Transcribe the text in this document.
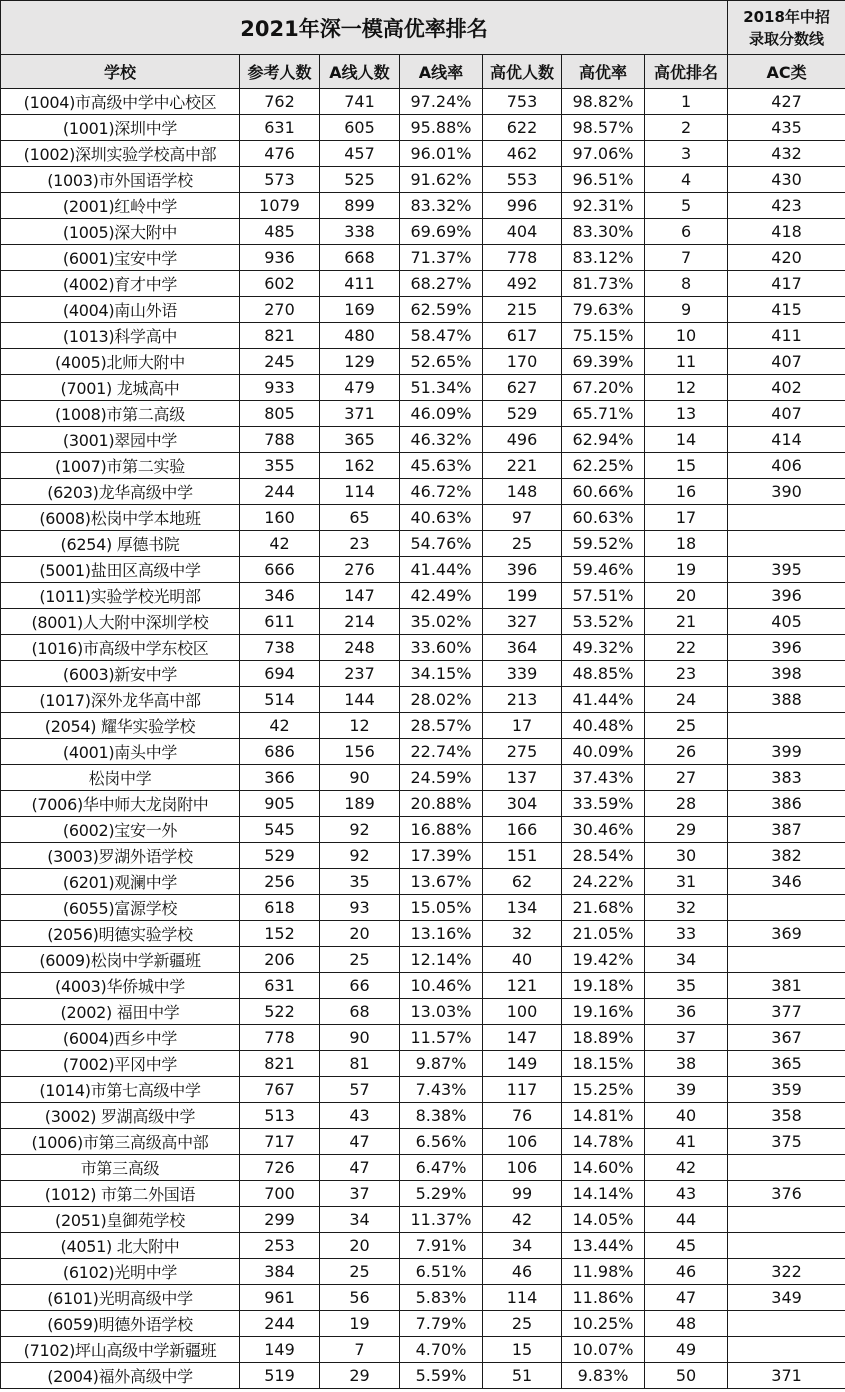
2021年深一模高优率排名							2018年中招
录取分数线

学校	参考人数	A线人数	A线率	高优人数	高优率	高优排名	AC类
(1004)市高级中学中心校区	762	741	97.24%	753	98.82%	1	427
(1001)深圳中学	631	605	95.88%	622	98.57%	2	435
(1002)深圳实验学校高中部	476	457	96.01%	462	97.06%	3	432
(1003)市外国语学校	573	525	91.62%	553	96.51%	4	430
(2001)红岭中学	1079	899	83.32%	996	92.31%	5	423
(1005)深大附中	485	338	69.69%	404	83.30%	6	418
(6001)宝安中学	936	668	71.37%	778	83.12%	7	420
(4002)育才中学	602	411	68.27%	492	81.73%	8	417
(4004)南山外语	270	169	62.59%	215	79.63%	9	415
(1013)科学高中	821	480	58.47%	617	75.15%	10	411
(4005)北师大附中	245	129	52.65%	170	69.39%	11	407
(7001) 龙城高中	933	479	51.34%	627	67.20%	12	402
(1008)市第二高级	805	371	46.09%	529	65.71%	13	407
(3001)翠园中学	788	365	46.32%	496	62.94%	14	414
(1007)市第二实验	355	162	45.63%	221	62.25%	15	406
(6203)龙华高级中学	244	114	46.72%	148	60.66%	16	390
(6008)松岗中学本地班	160	65	40.63%	97	60.63%	17	
(6254) 厚德书院	42	23	54.76%	25	59.52%	18	
(5001)盐田区高级中学	666	276	41.44%	396	59.46%	19	395
(1011)实验学校光明部	346	147	42.49%	199	57.51%	20	396
(8001)人大附中深圳学校	611	214	35.02%	327	53.52%	21	405
(1016)市高级中学东校区	738	248	33.60%	364	49.32%	22	396
(6003)新安中学	694	237	34.15%	339	48.85%	23	398
(1017)深外龙华高中部	514	144	28.02%	213	41.44%	24	388
(2054) 耀华实验学校	42	12	28.57%	17	40.48%	25	
(4001)南头中学	686	156	22.74%	275	40.09%	26	399
松岗中学	366	90	24.59%	137	37.43%	27	383
(7006)华中师大龙岗附中	905	189	20.88%	304	33.59%	28	386
(6002)宝安一外	545	92	16.88%	166	30.46%	29	387
(3003)罗湖外语学校	529	92	17.39%	151	28.54%	30	382
(6201)观澜中学	256	35	13.67%	62	24.22%	31	346
(6055)富源学校	618	93	15.05%	134	21.68%	32	
(2056)明德实验学校	152	20	13.16%	32	21.05%	33	369
(6009)松岗中学新疆班	206	25	12.14%	40	19.42%	34	
(4003)华侨城中学	631	66	10.46%	121	19.18%	35	381
(2002) 福田中学	522	68	13.03%	100	19.16%	36	377
(6004)西乡中学	778	90	11.57%	147	18.89%	37	367
(7002)平冈中学	821	81	9.87%	149	18.15%	38	365
(1014)市第七高级中学	767	57	7.43%	117	15.25%	39	359
(3002) 罗湖高级中学	513	43	8.38%	76	14.81%	40	358
(1006)市第三高级高中部	717	47	6.56%	106	14.78%	41	375
市第三高级	726	47	6.47%	106	14.60%	42	
(1012) 市第二外国语	700	37	5.29%	99	14.14%	43	376
(2051)皇御苑学校	299	34	11.37%	42	14.05%	44	
(4051) 北大附中	253	20	7.91%	34	13.44%	45	
(6102)光明中学	384	25	6.51%	46	11.98%	46	322
(6101)光明高级中学	961	56	5.83%	114	11.86%	47	349
(6059)明德外语学校	244	19	7.79%	25	10.25%	48	
(7102)坪山高级中学新疆班	149	7	4.70%	15	10.07%	49	
(2004)福外高级中学	519	29	5.59%	51	9.83%	50	371
